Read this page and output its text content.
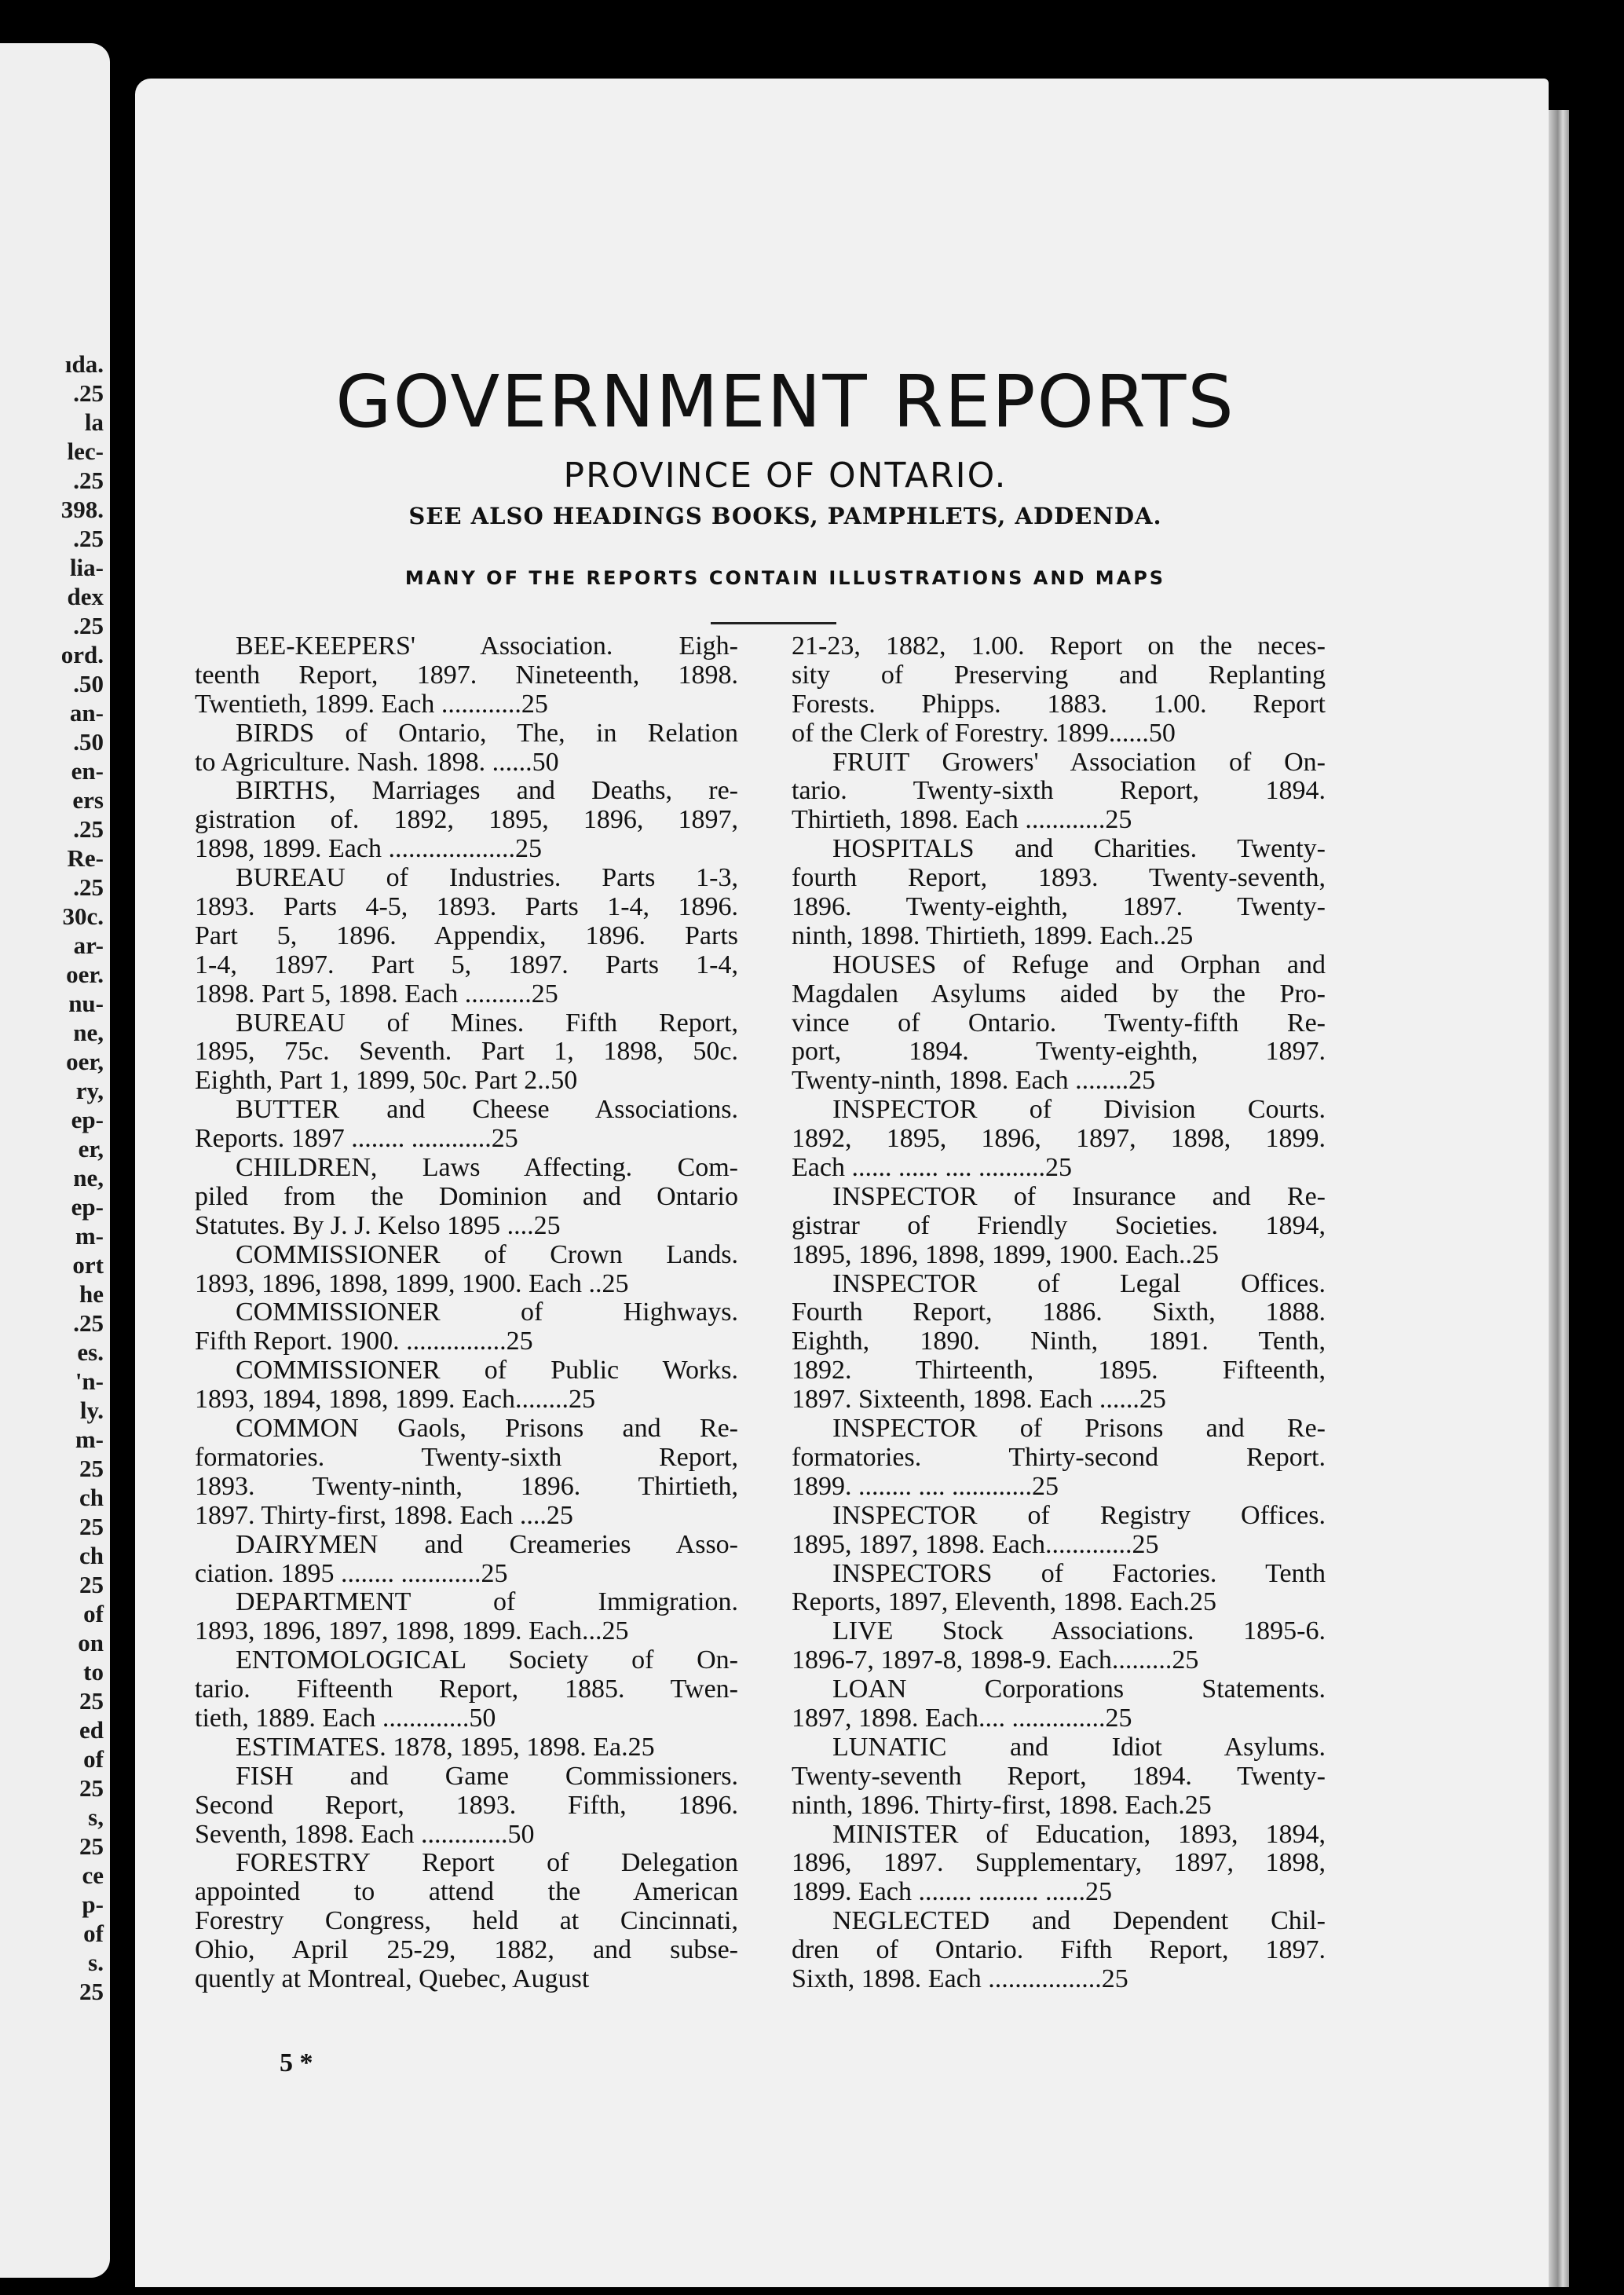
ıda.
.25
la
lec-
.25
398.
.25
lia-
dex
.25
ord.
.50
an-
.50
en-
ers
.25
Re-
.25
30c.
ar-
oer.
nu-
ne,
oer,
ry,
ep-
er,
ne,
ep-
m-
ort
he
.25
es.
'n-
ly.
m-
25
ch
25
ch
25
of
on
to
25
ed
of
25
s,
25
ce
p-
of
s.
25
GOVERNMENT REPORTS
PROVINCE OF ONTARIO.
SEE ALSO HEADINGS BOOKS, PAMPHLETS, ADDENDA.
MANY OF THE REPORTS CONTAIN ILLUSTRATIONS AND MAPS
BEE-KEEPERS' Association. Eigh-
teenth Report, 1897. Nineteenth, 1898.
Twentieth, 1899. Each ............25
BIRDS of Ontario, The, in Relation
to Agriculture. Nash. 1898. ......50
BIRTHS, Marriages and Deaths, re-
gistration of. 1892, 1895, 1896, 1897,
1898, 1899. Each ...................25
BUREAU of Industries. Parts 1-3,
1893. Parts 4-5, 1893. Parts 1-4, 1896.
Part 5, 1896. Appendix, 1896. Parts
1-4, 1897. Part 5, 1897. Parts 1-4,
1898. Part 5, 1898. Each ..........25
BUREAU of Mines. Fifth Report,
1895, 75c. Seventh. Part 1, 1898, 50c.
Eighth, Part 1, 1899, 50c. Part 2..50
BUTTER and Cheese Associations.
Reports. 1897 ........ ............25
CHILDREN, Laws Affecting. Com-
piled from the Dominion and Ontario
Statutes. By J. J. Kelso 1895 ....25
COMMISSIONER of Crown Lands.
1893, 1896, 1898, 1899, 1900. Each ..25
COMMISSIONER of Highways.
Fifth Report. 1900. ...............25
COMMISSIONER of Public Works.
1893, 1894, 1898, 1899. Each........25
COMMON Gaols, Prisons and Re-
formatories. Twenty-sixth Report,
1893. Twenty-ninth, 1896. Thirtieth,
1897. Thirty-first, 1898. Each ....25
DAIRYMEN and Creameries Asso-
ciation. 1895 ........ ............25
DEPARTMENT of Immigration.
1893, 1896, 1897, 1898, 1899. Each...25
ENTOMOLOGICAL Society of On-
tario. Fifteenth Report, 1885. Twen-
tieth, 1889. Each .............50
ESTIMATES. 1878, 1895, 1898. Ea.25
FISH and Game Commissioners.
Second Report, 1893. Fifth, 1896.
Seventh, 1898. Each .............50
FORESTRY Report of Delegation
appointed to attend the American
Forestry Congress, held at Cincinnati,
Ohio, April 25-29, 1882, and subse-
quently at Montreal, Quebec, August
21-23, 1882, 1.00. Report on the neces-
sity of Preserving and Replanting
Forests. Phipps. 1883. 1.00. Report
of the Clerk of Forestry. 1899......50
FRUIT Growers' Association of On-
tario. Twenty-sixth Report, 1894.
Thirtieth, 1898. Each ............25
HOSPITALS and Charities. Twenty-
fourth Report, 1893. Twenty-seventh,
1896. Twenty-eighth, 1897. Twenty-
ninth, 1898. Thirtieth, 1899. Each..25
HOUSES of Refuge and Orphan and
Magdalen Asylums aided by the Pro-
vince of Ontario. Twenty-fifth Re-
port, 1894. Twenty-eighth, 1897.
Twenty-ninth, 1898. Each ........25
INSPECTOR of Division Courts.
1892, 1895, 1896, 1897, 1898, 1899.
Each ...... ...... .... ..........25
INSPECTOR of Insurance and Re-
gistrar of Friendly Societies. 1894,
1895, 1896, 1898, 1899, 1900. Each..25
INSPECTOR of Legal Offices.
Fourth Report, 1886. Sixth, 1888.
Eighth, 1890. Ninth, 1891. Tenth,
1892. Thirteenth, 1895. Fifteenth,
1897. Sixteenth, 1898. Each ......25
INSPECTOR of Prisons and Re-
formatories. Thirty-second Report.
1899. ........ .... ............25
INSPECTOR of Registry Offices.
1895, 1897, 1898. Each.............25
INSPECTORS of Factories. Tenth
Reports, 1897, Eleventh, 1898. Each.25
LIVE Stock Associations. 1895-6.
1896-7, 1897-8, 1898-9. Each.........25
LOAN Corporations Statements.
1897, 1898. Each.... ..............25
LUNATIC and Idiot Asylums.
Twenty-seventh Report, 1894. Twenty-
ninth, 1896. Thirty-first, 1898. Each.25
MINISTER of Education, 1893, 1894,
1896, 1897. Supplementary, 1897, 1898,
1899. Each ........ ......... ......25
NEGLECTED and Dependent Chil-
dren of Ontario. Fifth Report, 1897.
Sixth, 1898. Each .................25
5 *
